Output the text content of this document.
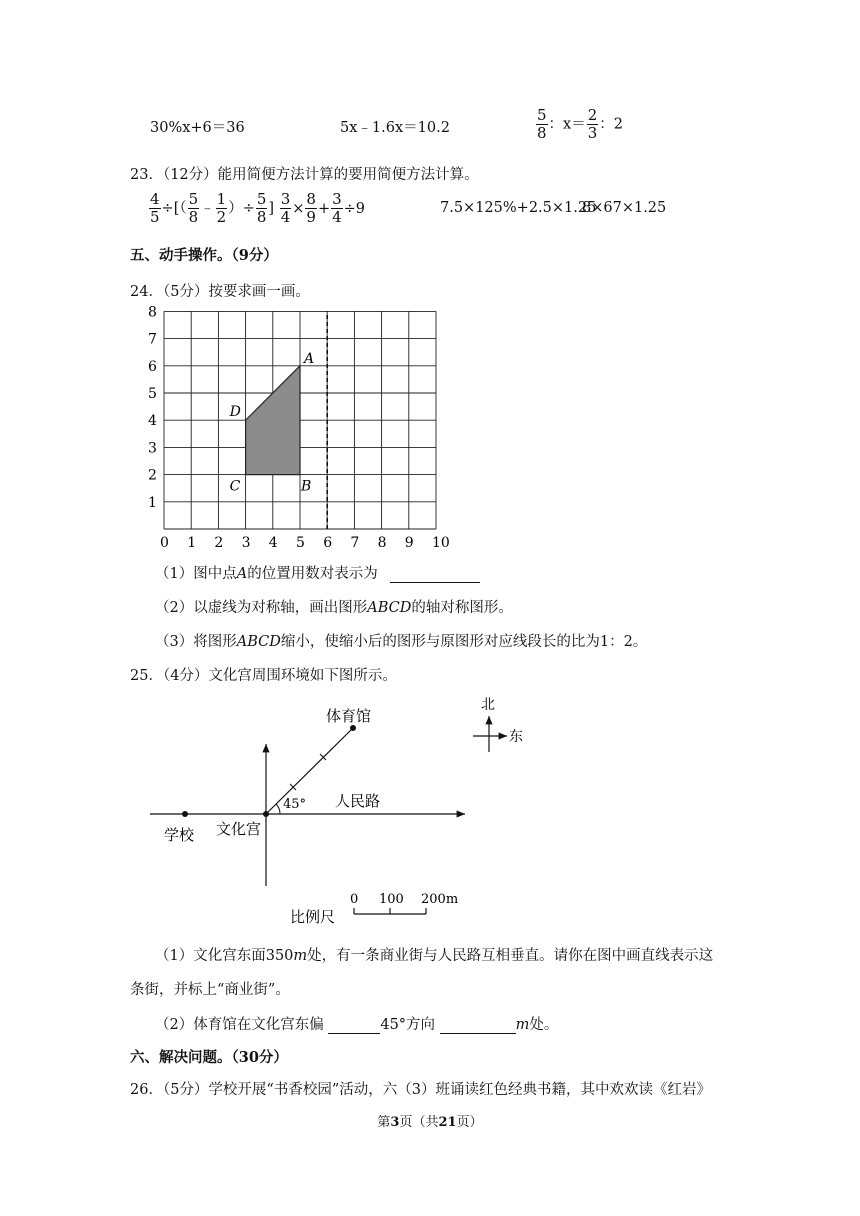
30%x+6＝36	5x﹣1.6x＝10.2	$\frac{5}{8}$ ：$x= \frac{2}{3}$ ：2
23．（12分）能用简便方法计算的要用简便方法计算。
$\frac{4}{5}$ ÷[（ $\frac{5}{8}$ ﹣ $\frac{1}{2}$ ）÷ $\frac{5}{8}$ ] $\frac{3}{4} \times \frac{8}{9} + \frac{3}{4} \div 9$	7.5×125%+2.5×1.25
8×67×1.25
五、动手操作。（9分）
24．（5分）按要求画一画。
8
7
6
5
4
3
2
1
0 1 2 3 4 5 6 7 8 9 10
A
B
C
D
（1）图中点A的位置用数对表示为
（2）以虚线为对称轴，画出图形ABCD的轴对称图形。
（3）将图形ABCD缩小，使缩小后的图形与原图形对应线段长的比为1：2。
25．（4分）文化宫周围环境如下图所示。
体育馆
45° 人民路
学校 文化宫
北
东
比例尺
0 100 200m
（1）文化宫东面350m处，有一条商业街与人民路互相垂直。请你在图中画直线表示这
条街，并标上“商业街”。
（2）体育馆在文化宫东偏	45°方向	m处。
六、解决问题。（30分）
26．（5分）学校开展“书香校园”活动，六（3）班诵读红色经典书籍，其中欢欢读《红岩》
第3页（共21页）
